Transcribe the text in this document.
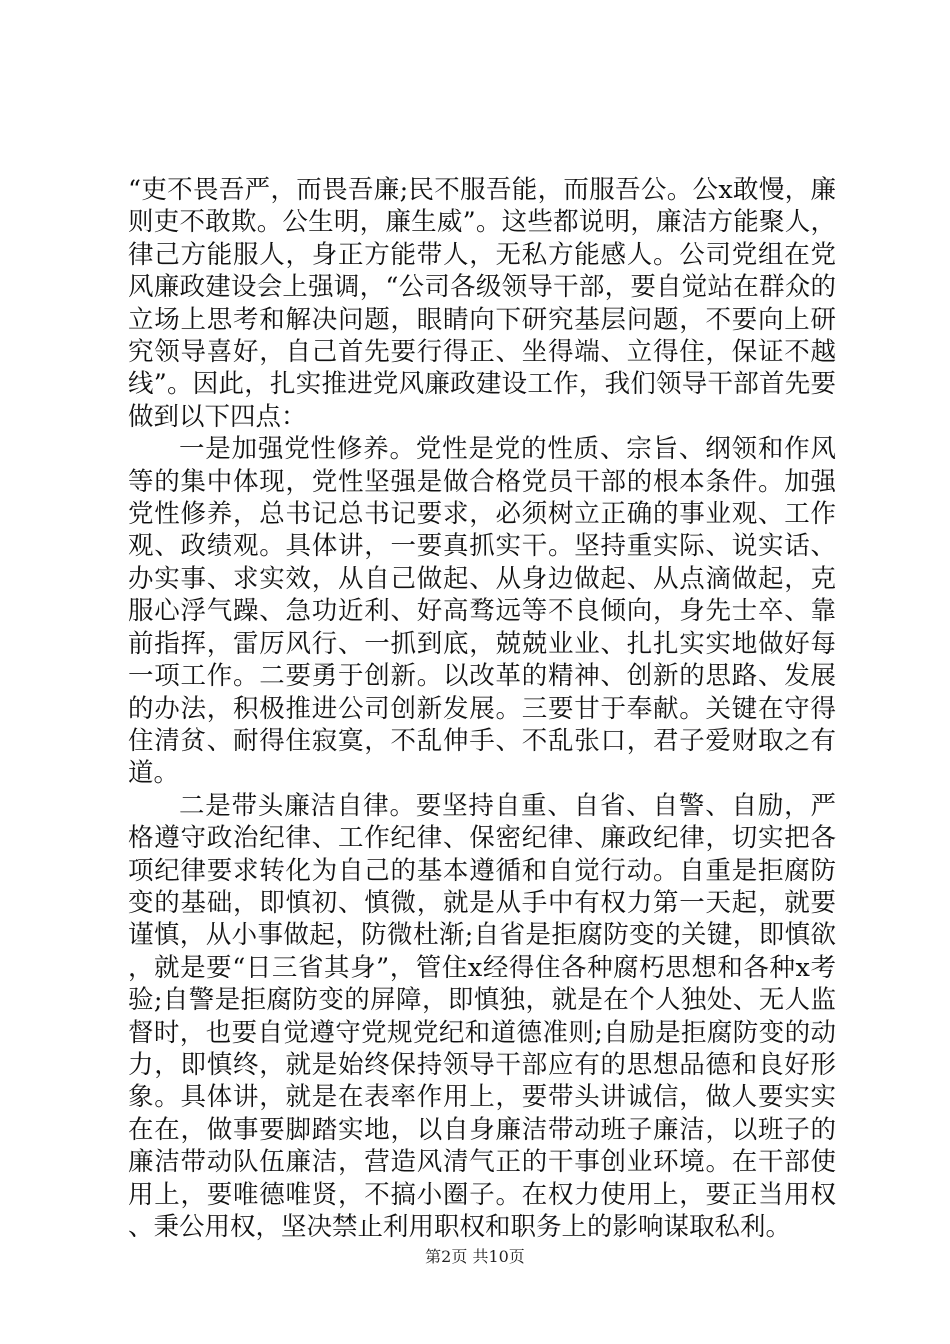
“吏不畏吾严，而畏吾廉;民不服吾能，而服吾公。公x敢慢，廉则吏不敢欺。公生明，廉生威”。这些都说明，廉洁方能聚人，律己方能服人，身正方能带人，无私方能感人。公司党组在党风廉政建设会上强调，“公司各级领导干部，要自觉站在群众的立场上思考和解决问题，眼睛向下研究基层问题，不要向上研究领导喜好，自己首先要行得正、坐得端、立得住，保证不越线”。因此，扎实推进党风廉政建设工作，我们领导干部首先要做到以下四点：

一是加强党性修养。党性是党的性质、宗旨、纲领和作风等的集中体现，党性坚强是做合格党员干部的根本条件。加强党性修养，总书记总书记要求，必须树立正确的事业观、工作观、政绩观。具体讲，一要真抓实干。坚持重实际、说实话、办实事、求实效，从自己做起、从身边做起、从点滴做起，克服心浮气躁、急功近利、好高骛远等不良倾向，身先士卒、靠前指挥，雷厉风行、一抓到底，兢兢业业、扎扎实实地做好每一项工作。二要勇于创新。以改革的精神、创新的思路、发展的办法，积极推进公司创新发展。三要甘于奉献。关键在守得住清贫、耐得住寂寞，不乱伸手、不乱张口，君子爱财取之有道。

二是带头廉洁自律。要坚持自重、自省、自警、自励，严格遵守政治纪律、工作纪律、保密纪律、廉政纪律，切实把各项纪律要求转化为自己的基本遵循和自觉行动。自重是拒腐防变的基础，即慎初、慎微，就是从手中有权力第一天起，就要谨慎，从小事做起，防微杜渐;自省是拒腐防变的关键，即慎欲，就是要“日三省其身”，管住x经得住各种腐朽思想和各种x考验;自警是拒腐防变的屏障，即慎独，就是在个人独处、无人监督时，也要自觉遵守党规党纪和道德准则;自励是拒腐防变的动力，即慎终，就是始终保持领导干部应有的思想品德和良好形象。具体讲，就是在表率作用上，要带头讲诚信，做人要实实在在，做事要脚踏实地，以自身廉洁带动班子廉洁，以班子的廉洁带动队伍廉洁，营造风清气正的干事创业环境。在干部使用上，要唯德唯贤，不搞小圈子。在权力使用上，要正当用权、秉公用权，坚决禁止利用职权和职务上的影响谋取私利。

第2页 共10页
